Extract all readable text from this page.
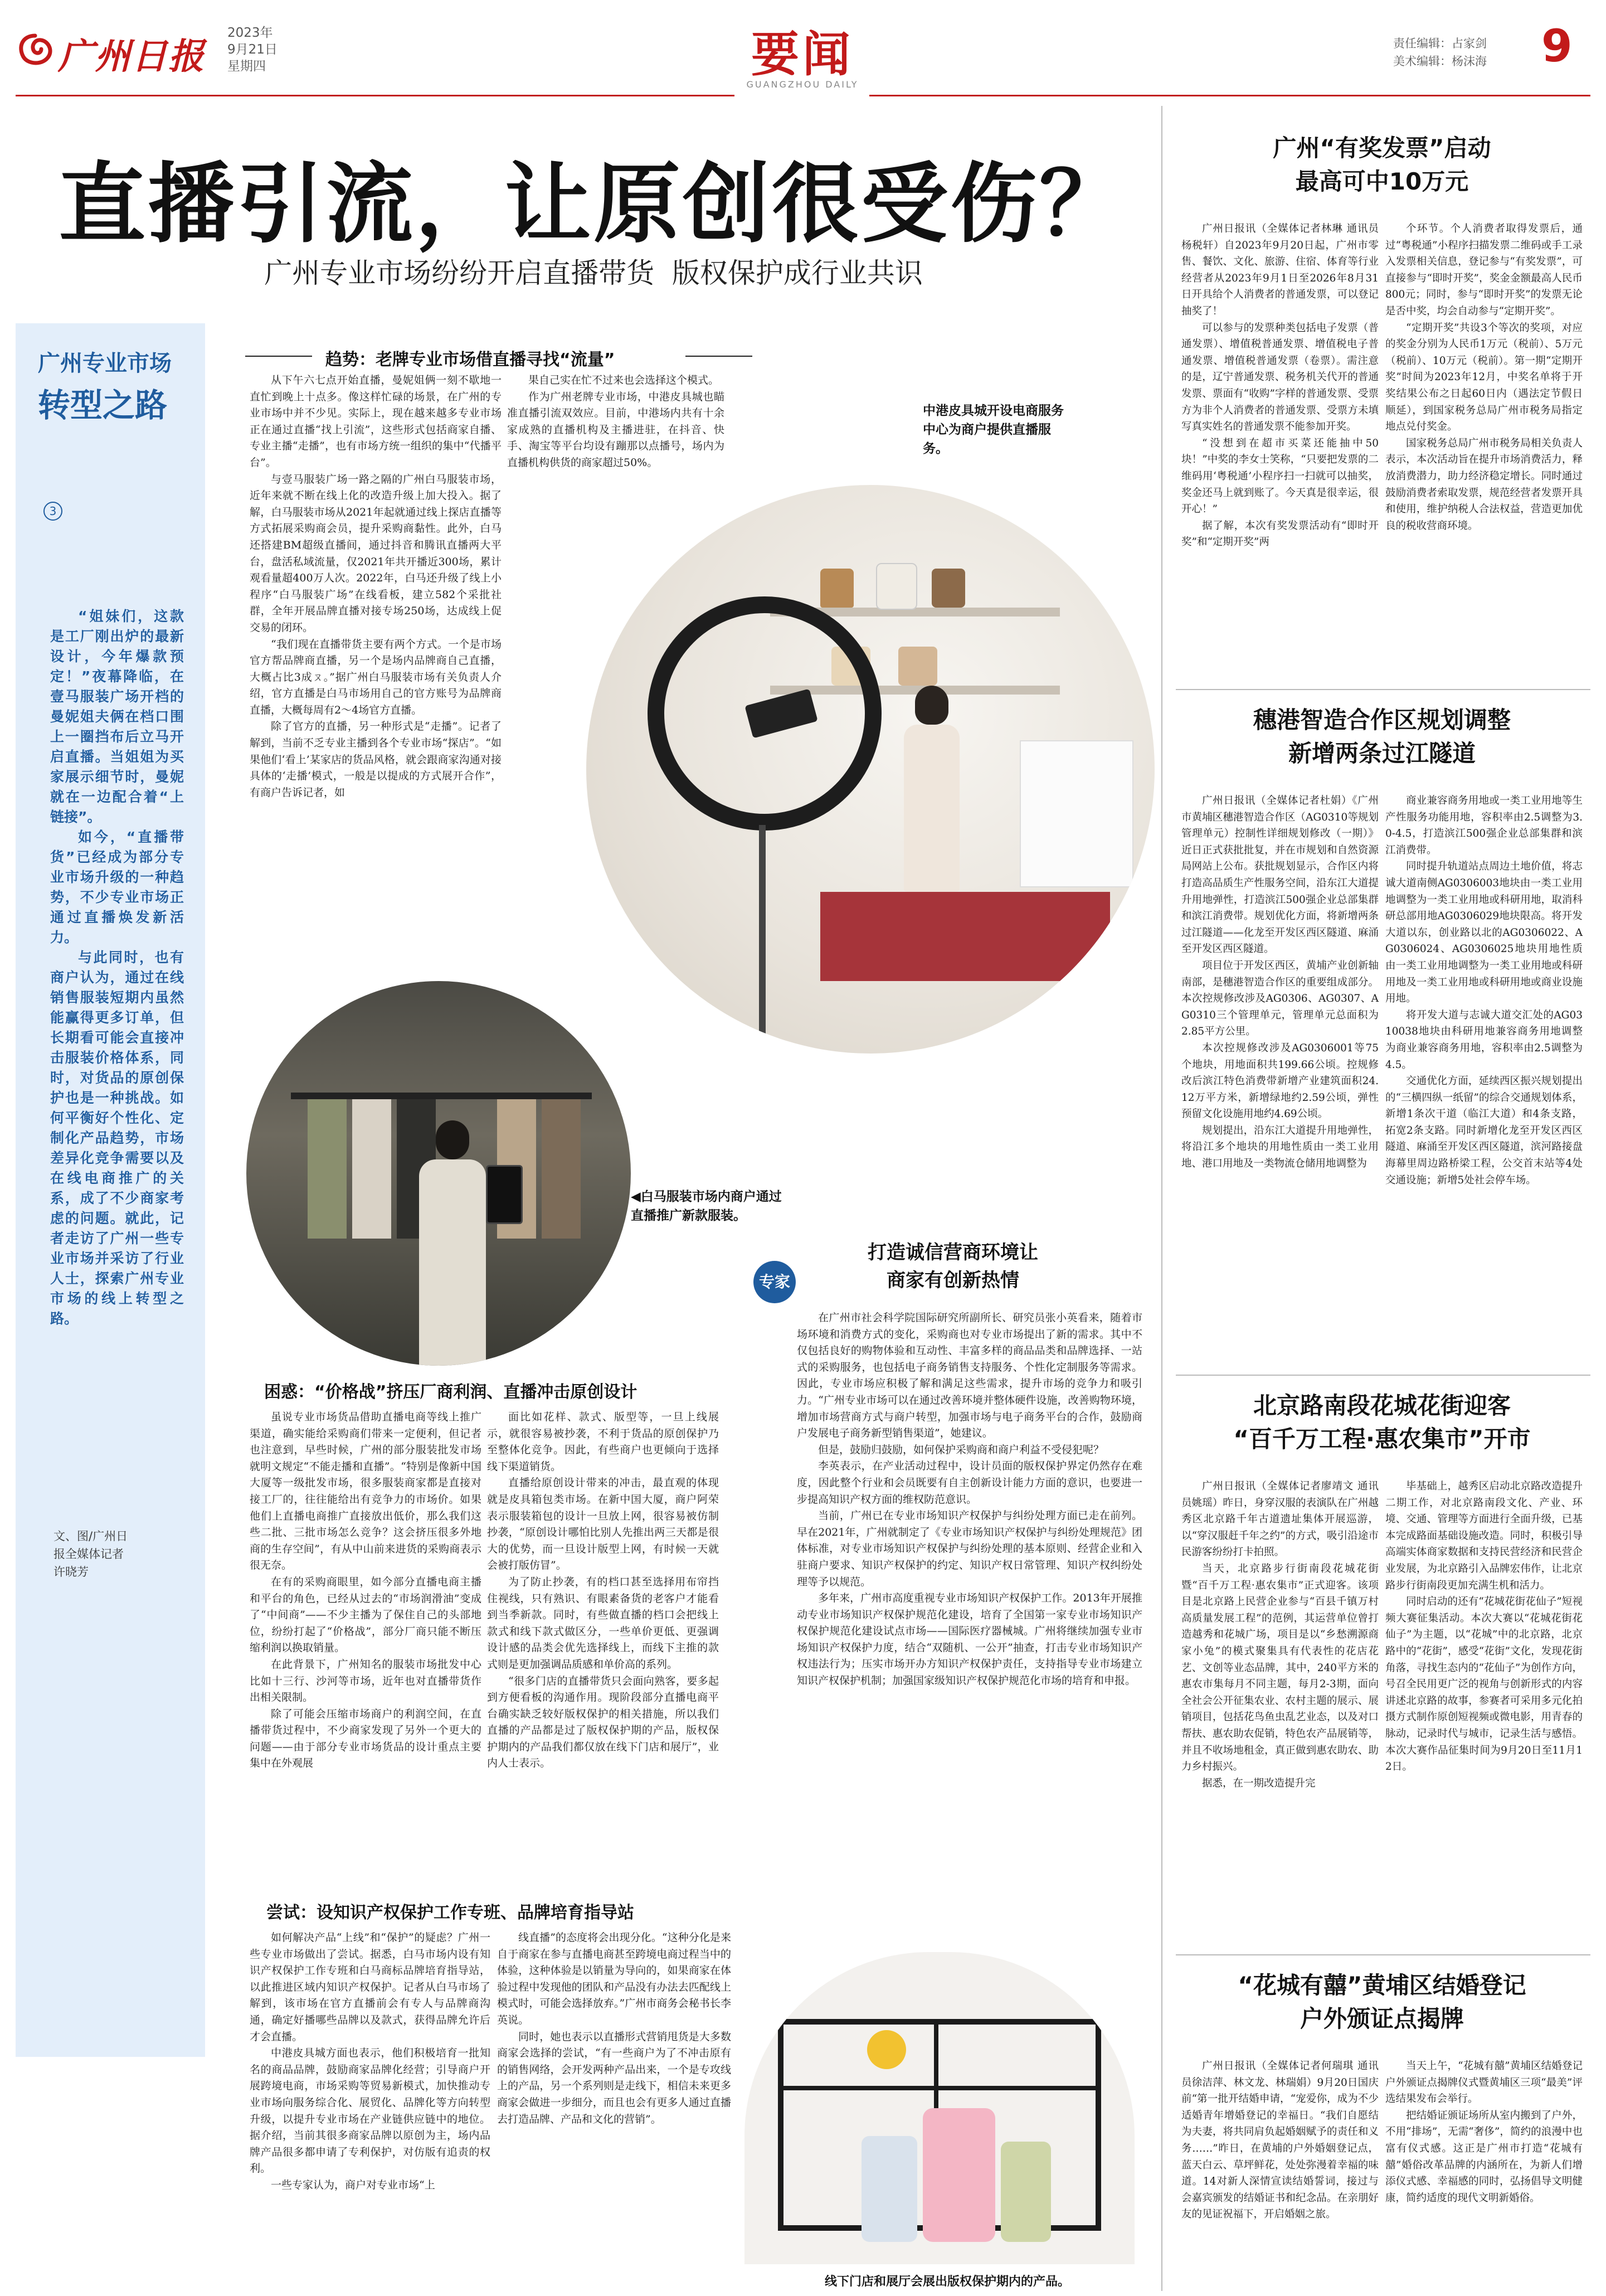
广州日报
2023年
9月21日
星期四	要闻
GUANGZHOU DAILY
责任编辑：占家剑
美术编辑：杨沫海 9
直播引流，让原创很受伤？
广州专业市场纷纷开启直播带货  版权保护成行业共识
广州专业市场
转型之路
3

“姐妹们，这款是工厂刚出炉的最新设计，今年爆款预定！”夜幕降临，在壹马服装广场开档的曼妮姐夫俩在档口围上一圈挡布后立马开启直播。当姐姐为买家展示细节时，曼妮就在一边配合着“上链接”。

如今，“直播带货”已经成为部分专业市场升级的一种趋势，不少专业市场正通过直播焕发新活力。

与此同时，也有商户认为，通过在线销售服装短期内虽然能赢得更多订单，但长期看可能会直接冲击服装价格体系，同时，对货品的原创保护也是一种挑战。如何平衡好个性化、定制化产品趋势，市场差异化竞争需要以及在线电商推广的关系，成了不少商家考虑的问题。就此，记者走访了广州一些专业市场并采访了行业人士，探索广州专业市场的线上转型之路。

文、图/广州日报全媒体记者许晓芳
趋势：老牌专业市场借直播寻找“流量”

从下午六七点开始直播，曼妮姐俩一刻不歇地一直忙到晚上十点多。像这样忙碌的场景，在广州的专业市场中并不少见。实际上，现在越来越多专业市场正在通过直播“找上引流”，这些形式包括商家自播、专业主播“走播”，也有市场方统一组织的集中“代播平台”。

与壹马服装广场一路之隔的广州白马服装市场，近年来就不断在线上化的改造升级上加大投入。据了解，白马服装市场从2021年起就通过线上探店直播等方式拓展采购商会员，提升采购商黏性。此外，白马还搭建BM超级直播间，通过抖音和腾讯直播两大平台，盘活私域流量，仅2021年共开播近300场，累计观看量超400万人次。2022年，白马还升级了线上小程序“白马服装广场”在线看板，建立582个采批社群，全年开展品牌直播对接专场250场，达成线上促交易的闭环。

“我们现在直播带货主要有两个方式。一个是市场官方帮品牌商直播，另一个是场内品牌商自己直播，大概占比3成ㄡ。”据广州白马服装市场有关负责人介绍，官方直播是白马市场用自己的官方账号为品牌商直播，大概每周有2～4场官方直播。

除了官方的直播，另一种形式是“走播”。记者了解到，当前不乏专业主播到各个专业市场“探店”。“如果他们‘看上’某家店的货品风格，就会跟商家沟通对接具体的‘走播’模式，一般是以提成的方式展开合作”，有商户告诉记者，如

果自己实在忙不过来也会选择这个模式。

作为广州老牌专业市场，中港皮具城也瞄准直播引流双效应。目前，中港场内共有十余家成熟的直播机构及主播进驻，在抖音、快手、淘宝等平台均设有蹦那以点播号，场内为直播机构供货的商家超过50%。

中港皮具城开设电商服务中心为商户提供直播服务。
◀白马服装市场内商户通过直播推广新款服装。
困惑：“价格战”挤压厂商利润、直播冲击原创设计

虽说专业市场货品借助直播电商等线上推广渠道，确实能给采购商们带来一定便利，但记者也注意到，早些时候，广州的部分服装批发市场就明文规定“不能走播和直播”。“特别是像新中国大厦等一级批发市场，很多服装商家都是直接对接工厂的，往往能给出有竞争力的市场价。如果他们上直播电商推广直接放出低价，那么我们这些二批、三批市场怎么竞争？这会挤压很多外地商的生存空间”，有从中山前来进货的采购商表示很无奈。

在有的采购商眼里，如今部分直播电商主播和平台的角色，已经从过去的“市场润滑油”变成了“中间商”——不少主播为了保住自己的头部地位，纷纷打起了“价格战”，部分厂商只能不断压缩利润以换取销量。

在此背景下，广州知名的服装市场批发中心比如十三行、沙河等市场，近年也对直播带货作出相关限制。

除了可能会压缩市场商户的利润空间，在直播带货过程中，不少商家发现了另外一个更大的问题——由于部分专业市场货品的设计重点主要集中在外观展

面比如花样、款式、版型等，一旦上线展示，就很容易被抄袭，不利于货品的原创保护乃至整体化竞争。因此，有些商户也更倾向于选择线下渠道销货。

直播给原创设计带来的冲击，最直观的体现就是皮具箱包类市场。在新中国大厦，商户阿荣表示服装箱包的设计一旦放上网，很容易被仿制抄袭，“原创设计哪怕比别人先推出两三天都是很大的优势，而一旦设计版型上网，有时候一天就会被打版仿冒”。

为了防止抄袭，有的档口甚至选择用布帘挡住视线，只有熟识、有眼素备货的老客户才能看到当季新款。同时，有些做直播的档口会把线上款式和线下款式做区分，一些单价更低、更强调设计感的品类会优先选择线上，而线下主推的款式则是更加强调品质感和单价高的系列。

“很多门店的直播带货只会面向熟客，要多起到方便看板的沟通作用。现阶段部分直播电商平台确实缺乏较好版权保护的相关措施，所以我们直播的产品都是过了版权保护期的产品，版权保护期内的产品我们都仅放在线下门店和展厅”，业内人士表示。

专家
打造诚信营商环境让商家有创新热情

在广州市社会科学院国际研究所副所长、研究员张小英看来，随着市场环境和消费方式的变化，采购商也对专业市场提出了新的需求。其中不仅包括良好的购物体验和互动性、丰富多样的商品品类和品牌选择、一站式的采购服务，也包括电子商务销售支持服务、个性化定制服务等需求。因此，专业市场应积极了解和满足这些需求，提升市场的竞争力和吸引力。“广州专业市场可以在通过改善环境并整体硬件设施，改善购物环境，增加市场营商方式与商户转型，加强市场与电子商务平台的合作，鼓励商户发展电子商务新型销售渠道”，她建议。

但是，鼓励归鼓励，如何保护采购商和商户利益不受侵犯呢？

李英表示，在产业活动过程中，设计员面的版权保护界定仍然存在难度，因此整个行业和会员既要有自主创新设计能力方面的意识，也要进一步提高知识产权方面的维权防范意识。

当前，广州已在专业市场知识产权保护与纠纷处理方面已走在前列。早在2021年，广州就制定了《专业市场知识产权保护与纠纷处理规范》团体标准，对专业市场知识产权保护与纠纷处理的基本原则、经营企业和入驻商户要求、知识产权保护的约定、知识产权日常管理、知识产权纠纷处理等予以规范。

多年来，广州市高度重视专业市场知识产权保护工作。2013年开展推动专业市场知识产权保护规范化建设，培育了全国第一家专业市场知识产权保护规范化建设试点市场——国际医疗器械城。广州将继续加强专业市场知识产权保护力度，结合“双随机、一公开”抽查，打击专业市场知识产权违法行为；压实市场开办方知识产权保护责任，支持指导专业市场建立知识产权保护机制；加强国家级知识产权保护规范化市场的培育和申报。

尝试：设知识产权保护工作专班、品牌培育指导站

如何解决产品“上线”和“保护”的疑虑？广州一些专业市场做出了尝试。据悉，白马市场内设有知识产权保护工作专班和白马商标品牌培育指导站，以此推进区域内知识产权保护。记者从白马市场了解到，该市场在官方直播前会有专人与品牌商沟通，确定好播哪些品牌以及款式，获得品牌允许后才会直播。

中港皮具城方面也表示，他们积极培育一批知名的商品品牌，鼓励商家品牌化经营；引导商户开展跨境电商，市场采购等贸易新模式，加快推动专业市场向服务综合化、展贸化、品牌化等方向转型升级，以提升专业市场在产业链供应链中的地位。据介绍，当前其很多商家品牌以原创为主，场内品牌产品很多都申请了专利保护，对仿版有追责的权利。

一些专家认为，商户对专业市场“上

线直播”的态度将会出现分化。“这种分化是来自于商家在参与直播电商甚至跨境电商过程当中的体验，这种体验是以销量为导向的，如果商家在体验过程中发现他的团队和产品没有办法去匹配线上模式时，可能会选择放弃。”广州市商务会秘书长李英说。

同时，她也表示以直播形式营销甩货是大多数商家会选择的尝试，“有一些商户为了不冲击原有的销售网络，会开发两种产品出来，一个是专攻线上的产品，另一个系列则是走线下，相信未来更多商家会做进一步细分，而且也会有更多人通过直播去打造品牌、产品和文化的营销”。

线下门店和展厅会展出版权保护期内的产品。
广州“有奖发票”启动
最高可中10万元

广州日报讯（全媒体记者林琳 通讯员杨税轩）自2023年9月20日起，广州市零售、餐饮、文化、旅游、住宿、体育等行业经营者从2023年9月1日至2026年8月31日开具给个人消费者的普通发票，可以登记抽奖了！

可以参与的发票种类包括电子发票（普通发票）、增值税普通发票、增值税电子普通发票、增值税普通发票（卷票）。需注意的是，辽宁普通发票、税务机关代开的普通发票、票面有“收购”字样的普通发票、受票方为非个人消费者的普通发票、受票方未填写真实姓名的普通发票不能参加开奖。

“没想到在超市买菜还能抽中50块！”中奖的李女士笑称，“只要把发票的二维码用‘粤税通’小程序扫一扫就可以抽奖，奖金还马上就到账了。今天真是很幸运，很开心！”

据了解，本次有奖发票活动有“即时开奖”和“定期开奖”两

个环节。个人消费者取得发票后，通过“粤税通”小程序扫描发票二维码或手工录入发票相关信息，登记参与“有奖发票”，可直接参与“即时开奖”，奖金金额最高人民币800元；同时，参与“即时开奖”的发票无论是否中奖，均会自动参与“定期开奖”。

“定期开奖”共设3个等次的奖项，对应的奖金分别为人民币1万元（税前）、5万元（税前）、10万元（税前）。第一期“定期开奖”时间为2023年12月，中奖名单将于开奖结果公布之日起60日内（遇法定节假日顺延），到国家税务总局广州市税务局指定地点兑付奖金。

国家税务总局广州市税务局相关负责人表示，本次活动旨在提升市场消费活力，释放消费潜力，助力经济稳定增长。同时通过鼓励消费者索取发票，规范经营者发票开具和使用，维护纳税人合法权益，营造更加优良的税收营商环境。

穗港智造合作区规划调整
新增两条过江隧道

广州日报讯（全媒体记者杜娟）《广州市黄埔区穗港智造合作区（AG0310等规划管理单元）控制性详细规划修改（一期）》近日正式获批批复，并在市规划和自然资源局网站上公布。获批规划显示，合作区内将打造高品质生产性服务空间，沿东江大道提升用地弹性，打造滨江500强企业总部集群和滨江消费带。规划优化方面，将新增两条过江隧道——化龙至开发区西区隧道、麻涌至开发区西区隧道。

项目位于开发区西区，黄埔产业创新轴南部，是穗港智造合作区的重要组成部分。本次控规修改涉及AG0306、AG0307、AG0310三个管理单元，管理单元总面积为2.85平方公里。

本次控规修改涉及AG0306001等75个地块，用地面积共199.66公顷。控规修改后滨江特色消费带新增产业建筑面积24.12万平方米，新增绿地约2.59公顷，弹性预留文化设施用地约4.69公顷。

规划提出，沿东江大道提升用地弹性，将沿江多个地块的用地性质由一类工业用地、港口用地及一类物流仓储用地调整为

商业兼容商务用地或一类工业用地等生产性服务功能用地，容积率由2.5调整为3.0-4.5，打造滨江500强企业总部集群和滨江消费带。

同时提升轨道站点周边土地价值，将志诚大道南侧AG0306003地块由一类工业用地调整为一类工业用地或科研用地，取消科研总部用地AG0306029地块限高。将开发大道以东，创业路以北的AG0306022、AG0306024、AG0306025地块用地性质由一类工业用地调整为一类工业用地或科研用地及一类工业用地或科研用地或商业设施用地。

将开发大道与志诚大道交汇处的AG0310038地块由科研用地兼容商务用地调整为商业兼容商务用地，容积率由2.5调整为4.5。

交通优化方面，延续西区振兴规划提出的“三横四纵一纸留”的综合交通规划体系，新增1条次干道（临江大道）和4条支路，拓宽2条支路。同时新增化龙至开发区西区隧道、麻涌至开发区西区隧道，滨河路接盘海幕里周边路桥梁工程，公交首末站等4处交通设施；新增5处社会停车场。

北京路南段花城花街迎客
“百千万工程·惠农集市”开市

广州日报讯（全媒体记者廖靖文 通讯员姚瑶）昨日，身穿汉服的表演队在广州越秀区北京路千年古道遗址集体开展巡游，以“穿汉服赶千年之约”的方式，吸引沿途市民游客纷纷打卡拍照。

当天，北京路步行街南段花城花街暨“百千万工程·惠农集市”正式迎客。该项目是北京路上民营企业参与“百县千镇万村高质量发展工程”的范例，其运营单位曾打造越秀和花城广场，项目是以“乡愁溯源商家小兔”的模式聚集具有代表性的花店花艺、文创等业态品牌，其中，240平方米的惠农市集每月不同主题，每月2-3期，面向全社会公开征集农业、农村主题的展示、展销项目，包括花鸟鱼虫乱艺业态，以及对口帮扶、惠农助农促销，特色农产品展销等，并且不收场地租金，真正做到惠农助农、助力乡村振兴。

据悉，在一期改造提升完

毕基础上，越秀区启动北京路改造提升二期工作，对北京路南段文化、产业、环境、交通、管理等方面进行全面升级，已基本完成路面基础设施改造。同时，积极引导高端实体商家数据和支持民营经济和民营企业发展，为北京路引入品牌宏伟作，让北京路步行街南段更加充满生机和活力。

同时启动的还有“花城花街花仙子”短视频大赛征集活动。本次大赛以“花城花街花仙子”为主题，以“花城”中的北京路，北京路中的“花街”，感受“花街”文化，发现花街角落，寻找生态内的“花仙子”为创作方向，号召全民用更广泛的视角与创新形式的内容讲述北京路的故事，参赛者可采用多元化拍摄方式制作原创短视频或微电影，用青春的脉动，记录时代与城市，记录生活与感悟。本次大赛作品征集时间为9月20日至11月12日。

“花城有囍”黄埔区结婚登记
户外颁证点揭牌

广州日报讯（全媒体记者何瑞琪 通讯员徐洁萍、林文龙、林瑞娟）9月20日国庆前“第一批开结婚申请，“宠爱你，成为不少适婚青年增婚登记的幸福日。“我们自愿结为夫妻，将共同肩负起婚姻赋予的责任和义务……”昨日，在黄埔的户外婚姻登记点，蓝天白云、草坪鲜花，处处弥漫着幸福的味道。14对新人深情宣读结婚誓词，接过与会嘉宾颁发的结婚证书和纪念品。在亲朋好友的见证祝福下，开启婚姻之旅。

当天上午，“花城有囍”黄埔区结婚登记户外颁证点揭牌仪式暨黄埔区三项“最美”评选结果发布会举行。

把结婚证颁证场所从室内搬到了户外，不用“排场”，无需“奢侈”，简约的浪漫中也富有仪式感。这正是广州市打造“花城有囍”婚俗改革品牌的内涵所在，为新人们增添仪式感、幸福感的同时，弘扬倡导文明健康，简约适度的现代文明新婚俗。
